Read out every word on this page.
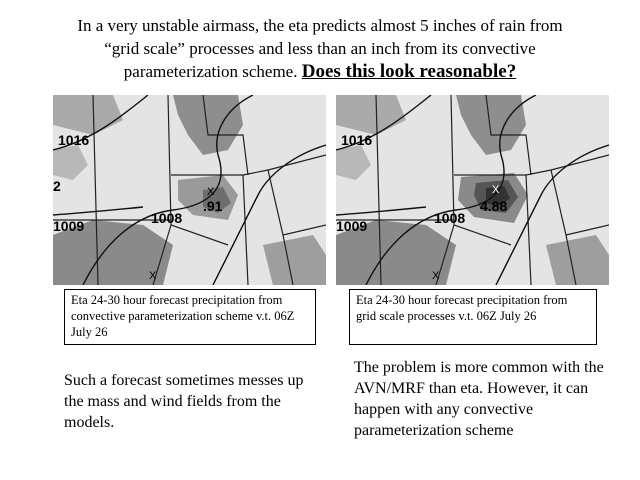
In a very unstable airmass, the eta predicts almost 5 inches of rain from
“grid scale” processes and less than an inch from its convective
parameterization scheme. Does this look reasonable?
1016
1008
1009
2	X
.91
X
1016
1008
1009
X
4.88
X
Eta 24-30 hour forecast precipitation from convective parameterization scheme v.t. 06Z July 26
Eta 24-30 hour forecast precipitation from grid scale processes v.t. 06Z July 26
Such a forecast sometimes messes up the mass and wind fields from the models.
The problem is more common with the AVN/MRF than eta. However, it can happen with any convective parameterization scheme
